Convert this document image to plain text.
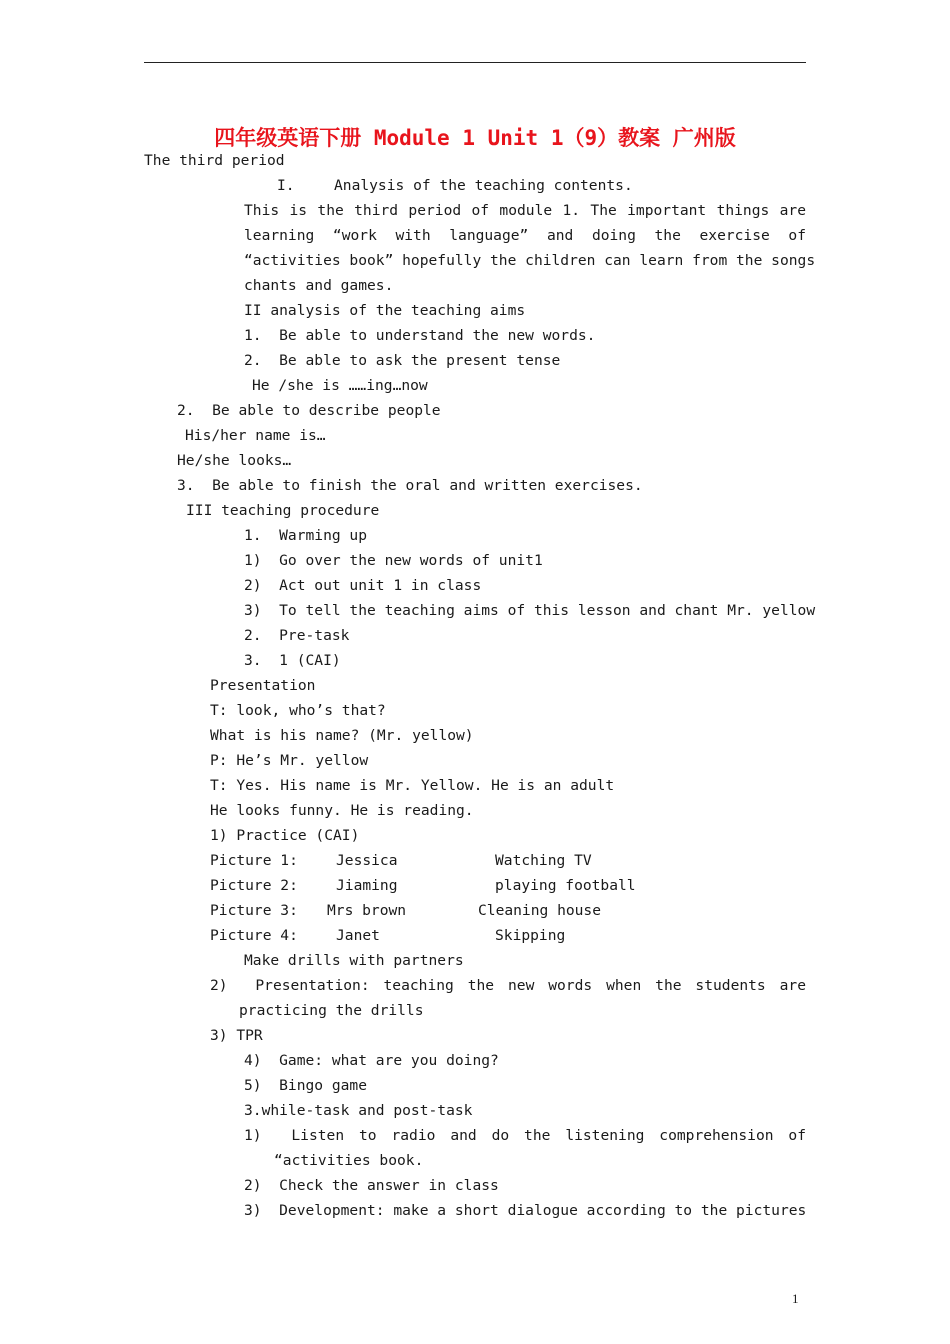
四年级英语下册 Module 1 Unit 1（9）教案 广州版
The third period
I.	Analysis of the teaching contents.
This is the third period of module 1. The important things are
learning “work with language” and doing the exercise of
“activities book” hopefully the children can learn from the songs
chants and games.
II analysis of the teaching aims
1.  Be able to understand the new words.
2.  Be able to ask the present tense
He /she is ……ing…now
2.  Be able to describe people
His/her name is…
He/she looks…
3.  Be able to finish the oral and written exercises.
III teaching procedure
1.  Warming up
1)  Go over the new words of unit1
2)  Act out unit 1 in class
3)  To tell the teaching aims of this lesson and chant Mr. yellow
2.  Pre-task
3.  1 (CAI)
Presentation
T: look, who’s that?
What is his name? (Mr. yellow)
P: He’s Mr. yellow
T: Yes. His name is Mr. Yellow. He is an adult
He looks funny. He is reading.
1) Practice (CAI)
Picture 1:	Jessica	Watching TV
Picture 2:	Jiaming	playing football
Picture 3: Mrs brown	Cleaning house
Picture 4:	Janet	Skipping
Make drills with partners
2)  Presentation: teaching the new words when the students are
practicing the drills
3) TPR
4)  Game: what are you doing?
5)  Bingo game
3.while-task and post-task
1)  Listen to radio and do the listening comprehension of
“activities book.
2)  Check the answer in class
3)  Development: make a short dialogue according to the pictures
1
